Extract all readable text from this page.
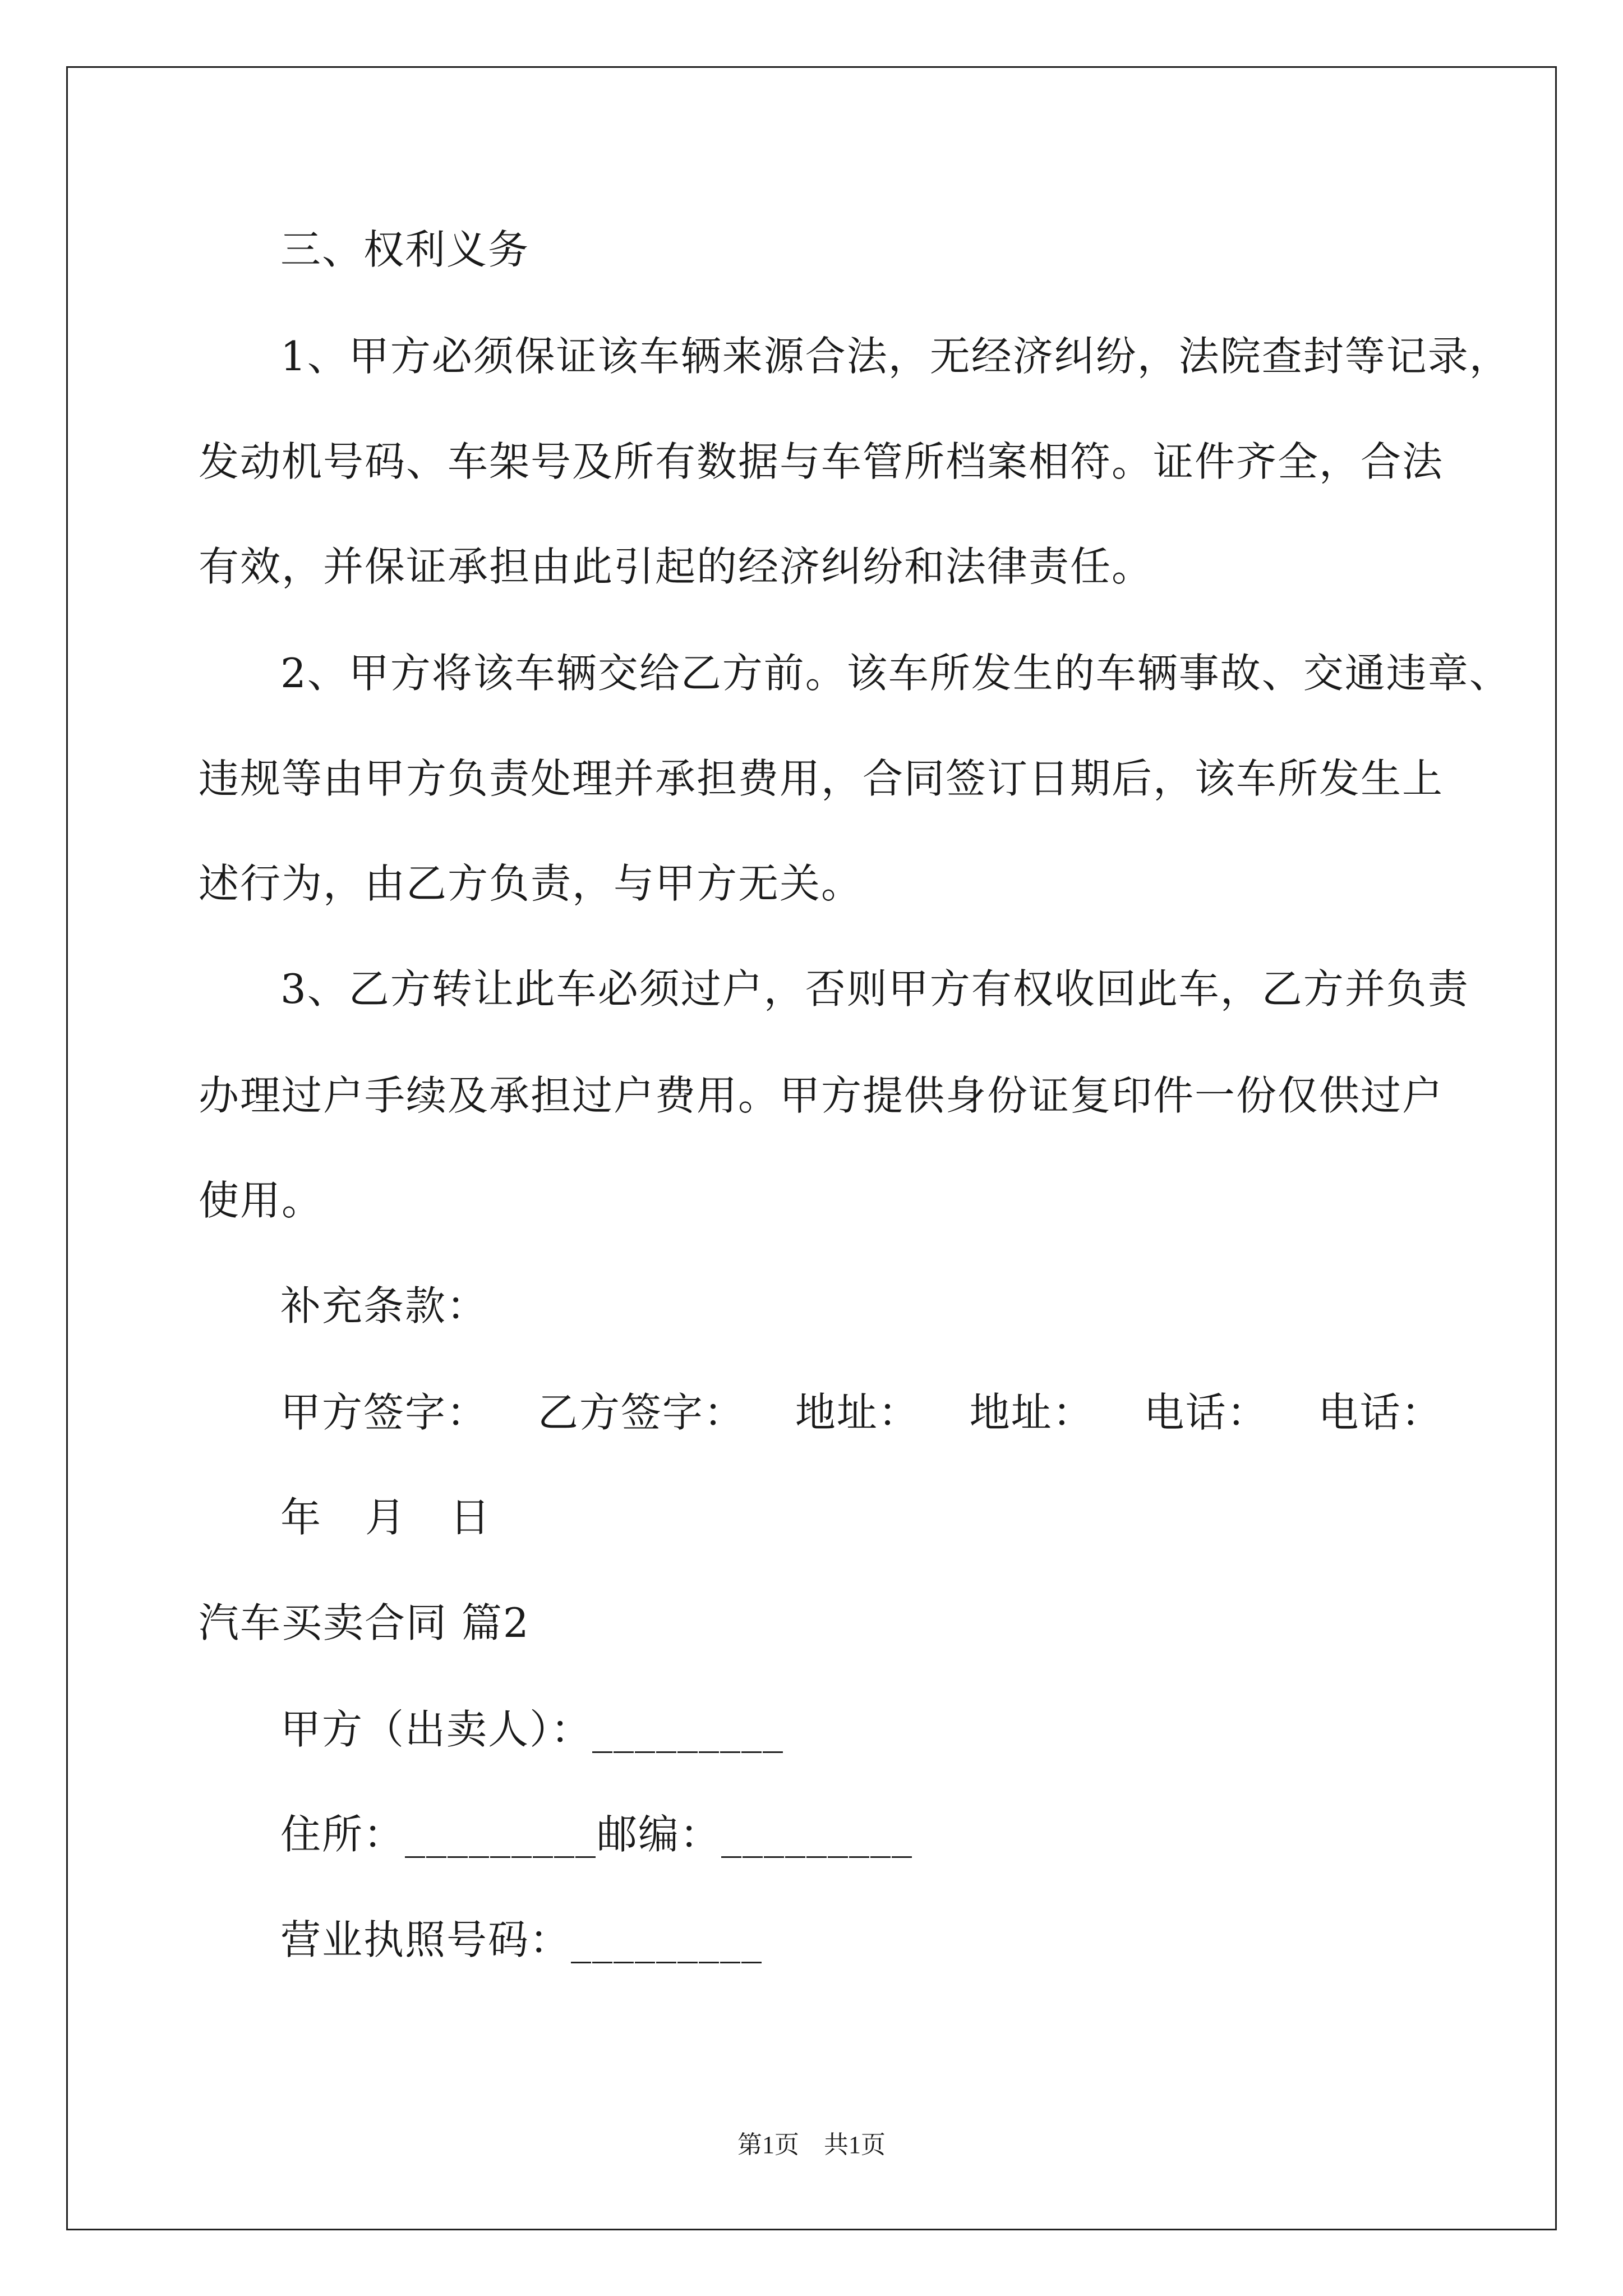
三、权利义务
1、甲方必须保证该车辆来源合法，无经济纠纷，法院查封等记录，
发动机号码、车架号及所有数据与车管所档案相符。证件齐全，合法
有效，并保证承担由此引起的经济纠纷和法律责任。
2、甲方将该车辆交给乙方前。该车所发生的车辆事故、交通违章、
违规等由甲方负责处理并承担费用，合同签订日期后，该车所发生上
述行为，由乙方负责，与甲方无关。
3、乙方转让此车必须过户，否则甲方有权收回此车，乙方并负责
办理过户手续及承担过户费用。甲方提供身份证复印件一份仅供过户
使用。
补充条款：
甲方签字： 乙方签字： 地址： 地址： 电话： 电话：
年 月 日
汽车买卖合同 篇2
甲方（出卖人）：_________
住所：_________邮编：_________
营业执照号码：_________
第1页　共1页
